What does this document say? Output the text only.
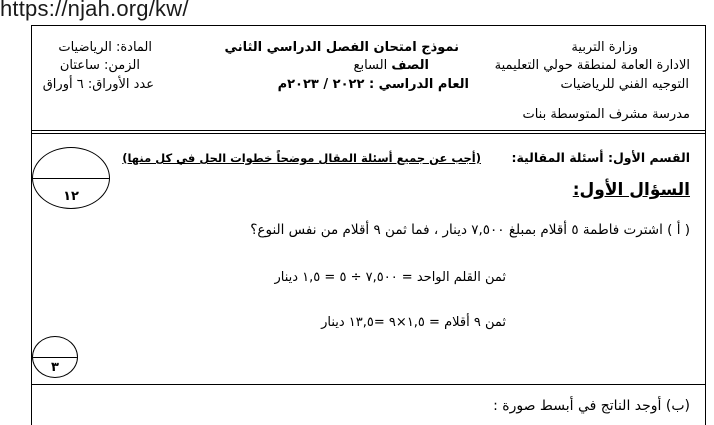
https://njah.org/kw/
وزارة التربية
الادارة العامة لمنطقة حولي التعليمية
التوجيه الفني للرياضيات
مدرسة مشرف المتوسطة بنات
نموذج امتحان الفصل الدراسي الثاني
الصف السابع
العام الدراسي : ٢٠٢٢ / ٢٠٢٣م
المادة: الرياضيات
الزمن: ساعتان
عدد الأوراق: ٦ أوراق
القسم الأول: أسئلة المقالية:
(أجب عن جميع أسئلة المقال موضحاً خطوات الحل في كل منها)
١٢	السؤال الأول:
( أ ) اشترت فاطمة ٥ أقلام بمبلغ ٧,٥٠٠ دينار ، فما ثمن ٩ أقلام من نفس النوع؟
ثمن القلم الواحد = ٧,٥٠٠ ÷ ٥ = ١,٥ دينار
ثمن ٩ أقلام = ١,٥×٩ =١٣,٥ دينار
٣
(ب) أوجد الناتج في أبسط صورة :
